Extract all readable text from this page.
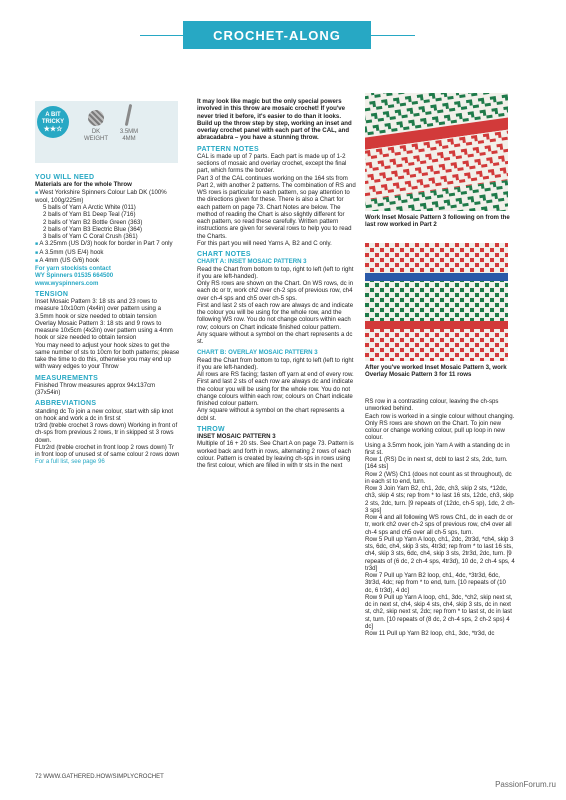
CROCHET-ALONG
A BIT
TRICKY
★★☆	DK WEIGHT
3.5MM 4MM

YOU WILL NEED

Materials are for the whole Throw

■ West Yorkshire Spinners Colour Lab DK (100% wool, 100g/225m)

5 balls of Yarn A Arctic White (011)

2 balls of Yarn B1 Deep Teal (716)

2 balls of Yarn B2 Bottle Green (363)

2 balls of Yarn B3 Electric Blue (364)

3 balls of Yarn C Coral Crush (361)

■ A 3.25mm (US D/3) hook for border in Part 7 only

■ A 3.5mm (US E/4) hook

■ A 4mm (US G/6) hook

For yarn stockists contact

WY Spinners 01535 664500

www.wyspinners.com

TENSION

Inset Mosaic Pattern 3: 18 sts and 23 rows to measure 10x10cm (4x4in) over pattern using a 3.5mm hook or size needed to obtain tension

Overlay Mosaic Pattern 3: 18 sts and 9 rows to measure 10x5cm (4x2in) over pattern using a 4mm hook or size needed to obtain tension

You may need to adjust your hook sizes to get the same number of sts to 10cm for both patterns; please take the time to do this, otherwise you may end up with wavy edges to your Throw

MEASUREMENTS

Finished Throw measures approx 94x137cm (37x54in)

ABBREVIATIONS

standing dc To join a new colour, start with slip knot on hook and work a dc in first st

tr3rd (treble crochet 3 rows down) Working in front of ch-sps from previous 2 rows, tr in skipped st 3 rows down.

FLtr2rd (treble crochet in front loop 2 rows down) Tr in front loop of unused st of same colour 2 rows down

For a full list, see page 96

It may look like magic but the only special powers involved in this throw are mosaic crochet! If you've never tried it before, it's easier to do than it looks. Build up the throw step by step, working an inset and overlay crochet panel with each part of the CAL, and abracadabra – you have a stunning throw.

PATTERN NOTES

CAL is made up of 7 parts. Each part is made up of 1-2 sections of mosaic and overlay crochet, except the final part, which forms the border.

Part 3 of the CAL continues working on the 164 sts from Part 2, with another 2 patterns. The combination of RS and WS rows is particular to each pattern, so pay attention to the directions given for these. There is also a Chart for each pattern on page 73. Chart Notes are below. The method of reading the Chart is also slightly different for each pattern, so read these carefully. Written pattern instructions are given for several rows to help you to read the Charts.

For this part you will need Yarns A, B2 and C only.

CHART NOTES

CHART A: INSET MOSAIC PATTERN 3

Read the Chart from bottom to top, right to left (left to right if you are left-handed).

Only RS rows are shown on the Chart. On WS rows, dc in each dc or tr, work ch2 over ch-2 sps of previous row, ch4 over ch-4 sps and ch5 over ch-5 sps.

First and last 2 sts of each row are always dc and indicate the colour you will be using for the whole row, and the following WS row. You do not change colours within each row; colours on Chart indicate finished colour pattern.

Any square without a symbol on the chart represents a dc st.

CHART B: OVERLAY MOSAIC PATTERN 3

Read the Chart from bottom to top, right to left (left to right if you are left-handed).

All rows are RS facing; fasten off yarn at end of every row.

First and last 2 sts of each row are always dc and indicate the colour you will be using for the whole row. You do not change colours within each row; colours on Chart indicate finished colour pattern.

Any square without a symbol on the chart represents a dcbl st.

THROW

INSET MOSAIC PATTERN 3

Multiple of 16 + 20 sts. See Chart A on page 73. Pattern is worked back and forth in rows, alternating 2 rows of each colour. Pattern is created by leaving ch-sps in rows using the first colour, which are filled in with tr sts in the next

Work Inset Mosaic Pattern 3 following on from the last row worked in Part 2
After you've worked Inset Mosaic Pattern 3, work Overlay Mosaic Pattern 3 for 11 rows

RS row in a contrasting colour, leaving the ch-sps unworked behind.

Each row is worked in a single colour without changing. Only RS rows are shown on the Chart. To join new colour or change working colour, pull up loop in new colour.

Using a 3.5mm hook, join Yarn A with a standing dc in first st.

Row 1 (RS) Dc in next st, dcbl to last 2 sts, 2dc, turn. [164 sts]

Row 2 (WS) Ch1 (does not count as st throughout), dc in each st to end, turn.

Row 3 Join Yarn B2, ch1, 2dc, ch3, skip 2 sts, *12dc, ch3, skip 4 sts; rep from * to last 16 sts, 12dc, ch3, skip 2 sts, 2dc, turn. [9 repeats of (12dc, ch-5 sp), 1dc, 2 ch-3 sps]

Row 4 and all following WS rows Ch1, dc in each dc or tr, work ch2 over ch-2 sps of previous row, ch4 over all ch-4 sps and ch5 over all ch-5 sps, turn.

Row 5 Pull up Yarn A loop, ch1, 2dc, 2tr3d, *ch4, skip 3 sts, 6dc, ch4, skip 3 sts, 4tr3d; rep from * to last 16 sts, ch4, skip 3 sts, 6dc, ch4, skip 3 sts, 2tr3d, 2dc, turn. [9 repeats of (6 dc, 2 ch-4 sps, 4tr3d), 10 dc, 2 ch-4 sps, 4 tr3d]

Row 7 Pull up Yarn B2 loop, ch1, 4dc, *3tr3d, 6dc, 3tr3d, 4dc; rep from * to end, turn. [10 repeats of (10 dc, 6 tr3d), 4 dc]

Row 9 Pull up Yarn A loop, ch1, 3dc, *ch2, skip next st, dc in next st, ch4, skip 4 sts, ch4, skip 3 sts, dc in next st, ch2, skip next st, 2dc; rep from * to last st, dc in last st, turn. [10 repeats of (8 dc, 2 ch-4 sps, 2 ch-2 sps) 4 dc]

Row 11 Pull up Yarn B2 loop, ch1, 3dc, *tr3d, dc

72 WWW.GATHERED.HOW/SIMPLYCROCHET
PassionForum.ru
